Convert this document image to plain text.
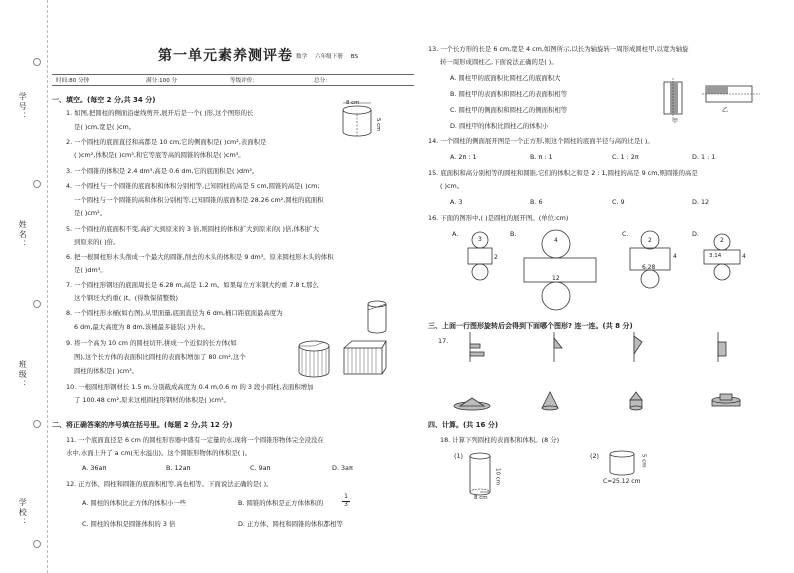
学号：
姓名：
班级：
学校：
第一单元素养测评卷 数学 六年级下册 BS
时间:80 分钟	满分:100 分	等级评价：	总分：
一、填空。(每空 2 分,共 34 分)
1. 如图,把圆柱的侧面沿虚线剪开,展开后是一个( )形,这个图形的长
是( )cm,宽是( )cm。
2. 一个圆柱的底面直径和高都是 10 cm,它的侧面积是( )cm²,表面积是
( )cm²,体积是( )cm³,和它等底等高的圆锥的体积是( )cm³。
3. 一个圆锥的体积是 2.4 dm³,高是 0.6 dm,它的底面积是( )dm²。
4. 一个圆柱与一个圆锥的底面积和体积分别相等,已知圆柱的高是 5 cm,圆锥的高是( )cm;
一个圆柱与一个圆锥的高和体积分别相等,已知圆锥的底面积是 28.26 cm²,圆柱的底面积
是( )cm²。
5. 一个圆柱的底面积不变,高扩大到原来的 3 倍,则圆柱的体积扩大到原来的( )倍,体积扩大
到原来的( )倍。
6. 把一根圆柱形木头削成一个最大的圆锥,削去的木头的体积是 9 dm³。原来圆柱形木头的体积
是( )dm³。
7. 一个圆柱形钢坯的底面周长是 6.28 m,高是 1.2 m。如果每立方米钢大约重 7.8 t,那么
这个钢坯大约重( )t。(得数保留整数)
8. 一个圆柱形水桶(如右图),从里面量,底面直径为 6 dm,桶口距底面最高度为
6 dm,最大高度为 8 dm,该桶最多能装( )升水。
9. 将一个高为 10 cm 的圆柱切开,拼成一个近似的长方体(如
图),这个长方体的表面积比圆柱的表面积增加了 80 cm²,这个
圆柱的体积是( )cm³。
10. 一根圆柱形钢材长 1.5 m,分别截成高度为 0.4 m,0.6 m 的 3 段小圆柱,表面积增加
了 100.48 cm²,原来这根圆柱形钢材的体积是( )cm³。
8 cm
5 cm
二、将正确答案的序号填在括号里。(每题 2 分,共 12 分)
11. 一个底面直径是 6 cm 的圆柱形容器中盛有一定量的水,现将一个圆锥形物体完全浸没在
水中,水面上升了 a cm(无水溢出)。这个圆锥形物体的体积是( )。
A. 36aπ	B. 12aπ	C. 9aπ	D. 3aπ
12. 正方体、圆柱和圆锥的底面积相等,高也相等。下面说法正确的是( )。
A. 圆柱的体积比正方体的体积小一些	B. 圆锥的体积是正方体体积的	$\frac{1}{3}$
C. 圆柱的体积是圆锥体积的 3 倍	D. 正方体、圆柱和圆锥的体积都相等
13. 一个长方形的长是 6 cm,宽是 4 cm,如图所示,以长为轴旋转一周形成圆柱甲,以宽为轴旋
转一周形成圆柱乙,下面说法正确的是( )。
A. 圆柱甲的底面积比圆柱乙的底面积大
B. 圆柱甲的表面积和圆柱乙的表面积相等
C. 圆柱甲的侧面积和圆柱乙的侧面积相等
D. 圆柱甲的体积比圆柱乙的体积小
甲
乙
14. 一个圆柱的侧面展开图是一个正方形,则这个圆柱的底面半径与高的比是( )。
A. 2π : 1	B. π : 1	C. 1 : 2π	D. 1 : 1
15. 底面积和高分别相等的圆柱和圆锥,它们的体积之和是 2 : 1,圆柱的高是 9 cm,则圆锥的高是
( )cm。
A. 3	B. 6	C. 9	D. 12
16. 下面的图形中,( )是圆柱的展开图。(单位:cm)
A.	B.	C.	D.
3
2
4
12
6.28
4
2
3.14
2
4
三、上面一行图形旋转后会得到下面哪个图形? 连一连。(共 8 分)
17.
四、计算。(共 16 分)
18. 计算下列圆柱的表面积和体积。(8 分)
(1)	(2)
10 cm
8 cm
5 cm
C=25.12 cm
